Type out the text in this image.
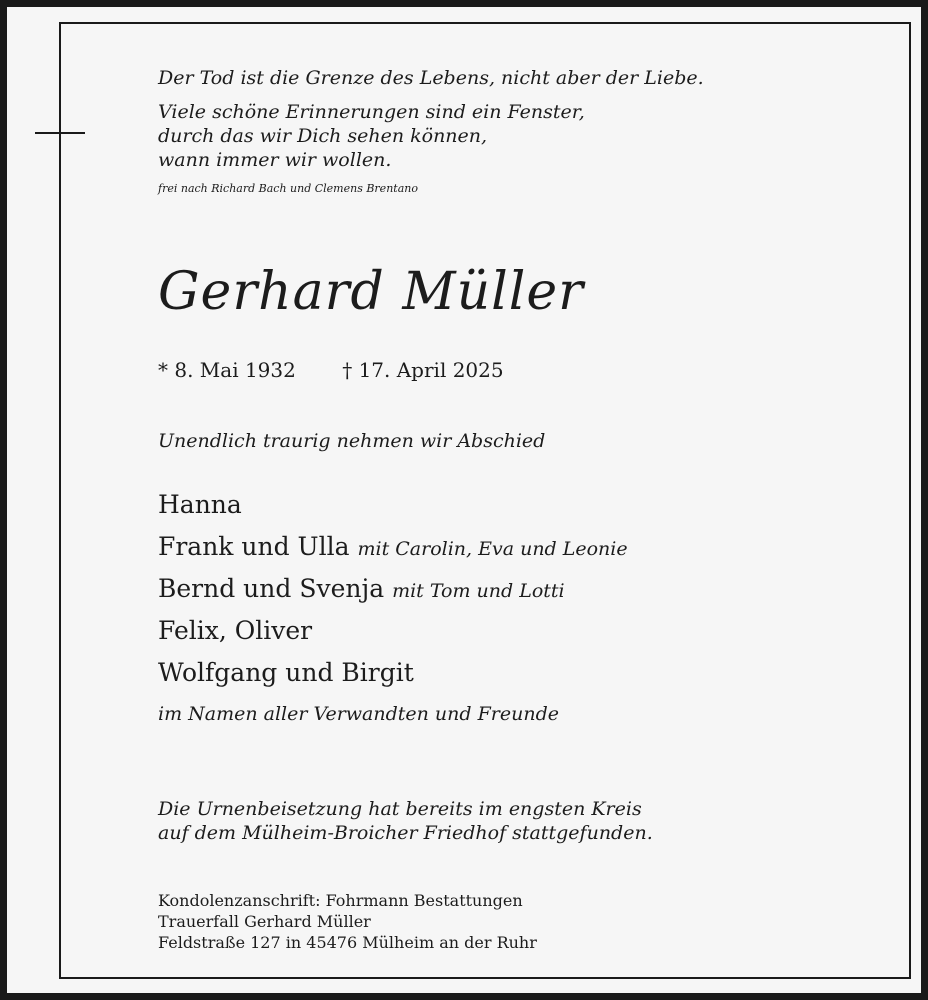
Der Tod ist die Grenze des Lebens, nicht aber der Liebe.
Viele schöne Erinnerungen sind ein Fenster,
durch das wir Dich sehen können,
wann immer wir wollen.
frei nach Richard Bach und Clemens Brentano
Gerhard Müller
* 8. Mai 1932 † 17. April 2025
Unendlich traurig nehmen wir Abschied
Hanna
Frank und Ulla mit Carolin, Eva und Leonie
Bernd und Svenja mit Tom und Lotti
Felix, Oliver
Wolfgang und Birgit
im Namen aller Verwandten und Freunde
Die Urnenbeisetzung hat bereits im engsten Kreis
auf dem Mülheim-Broicher Friedhof stattgefunden.
Kondolenzanschrift: Fohrmann Bestattungen
Trauerfall Gerhard Müller
Feldstraße 127 in 45476 Mülheim an der Ruhr
